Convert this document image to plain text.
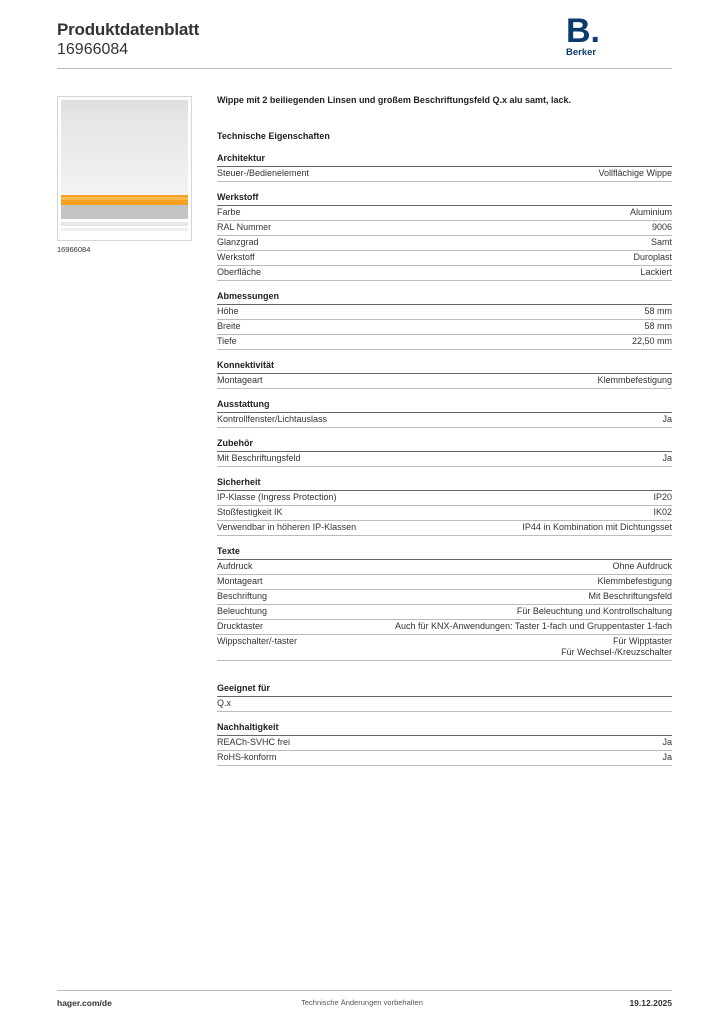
Produktdatenblatt
16966084	B.
Berker
16966084
Wippe mit 2 beiliegenden Linsen und großem Beschriftungsfeld Q.x alu samt, lack.
Technische Eigenschaften
Architektur
Steuer-/Bedienelement	Vollflächige Wippe
Werkstoff
Farbe	Aluminium
RAL Nummer	9006
Glanzgrad	Samt
Werkstoff	Duroplast
Oberfläche	Lackiert
Abmessungen
Höhe	58 mm
Breite	58 mm
Tiefe	22,50 mm
Konnektivität
Montageart	Klemmbefestigung
Ausstattung
Kontrollfenster/Lichtauslass	Ja
Zubehör
Mit Beschriftungsfeld	Ja
Sicherheit
IP-Klasse (Ingress Protection)	IP20
Stoßfestigkeit IK	IK02
Verwendbar in höheren IP-Klassen	IP44 in Kombination mit Dichtungsset
Texte
Aufdruck	Ohne Aufdruck
Montageart	Klemmbefestigung
Beschriftung	Mit Beschriftungsfeld
Beleuchtung	Für Beleuchtung und Kontrollschaltung
Drucktaster	Auch für KNX-Anwendungen: Taster 1-fach und Gruppentaster 1-fach
Wippschalter/-taster	Für Wipptaster
Für Wechsel-/Kreuzschalter
Geeignet für
Q.x
Nachhaltigkeit
REACh-SVHC frei	Ja
RoHS-konform	Ja
hager.com/de	Technische Änderungen vorbehalten	19.12.2025
